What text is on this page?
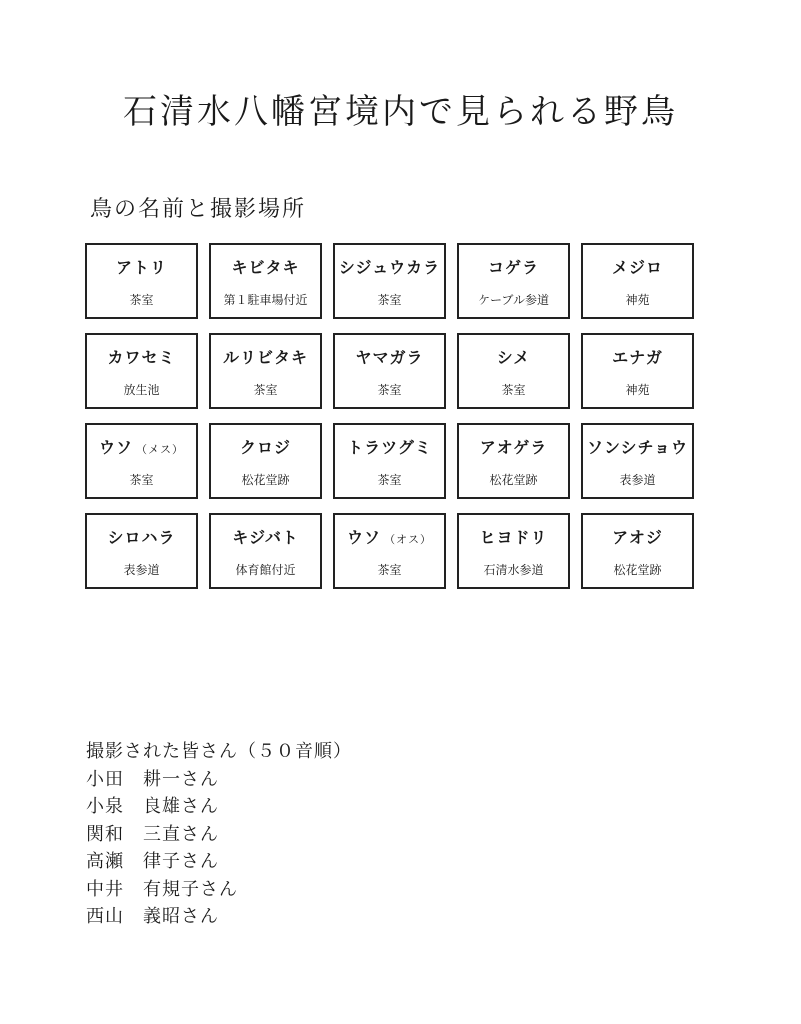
石清水八幡宮境内で見られる野鳥
鳥の名前と撮影場所
アトリ
茶室
キビタキ
第１駐車場付近
シジュウカラ
茶室
コゲラ
ケーブル参道
メジロ
神苑
カワセミ
放生池
ルリビタキ
茶室
ヤマガラ
茶室
シメ
茶室
エナガ
神苑
ウソ （メス）
茶室
クロジ
松花堂跡
トラツグミ
茶室
アオゲラ
松花堂跡
ソンシチョウ
表参道
シロハラ
表参道
キジバト
体育館付近
ウソ （オス）
茶室
ヒヨドリ
石清水参道
アオジ
松花堂跡
撮影された皆さん（５０音順）
小田　耕一さん
小泉　良雄さん
関和　三直さん
高瀬　律子さん
中井　有規子さん
西山　義昭さん
